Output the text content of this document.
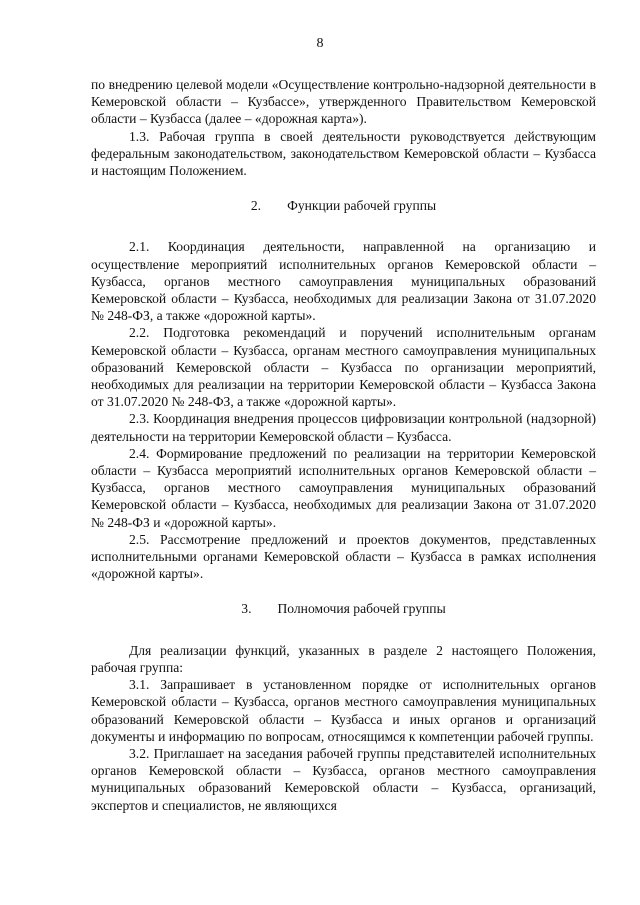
8

по внедрению целевой модели «Осуществление контрольно-надзорной деятельности в Кемеровской области – Кузбассе», утвержденного Правительством Кемеровской области – Кузбасса (далее – «дорожная карта»).

1.3. Рабочая группа в своей деятельности руководствуется действующим федеральным законодательством, законодательством Кемеровской области – Кузбасса и настоящим Положением.

2. Функции рабочей группы

2.1. Координация деятельности, направленной на организацию и осуществление мероприятий исполнительных органов Кемеровской области – Кузбасса, органов местного самоуправления муниципальных образований Кемеровской области – Кузбасса, необходимых для реализации Закона от 31.07.2020 № 248-ФЗ, а также «дорожной карты».

2.2. Подготовка рекомендаций и поручений исполнительным органам Кемеровской области – Кузбасса, органам местного самоуправления муниципальных образований Кемеровской области – Кузбасса по организации мероприятий, необходимых для реализации на территории Кемеровской области – Кузбасса Закона от 31.07.2020 № 248-ФЗ, а также «дорожной карты».

2.3. Координация внедрения процессов цифровизации контрольной (надзорной) деятельности на территории Кемеровской области – Кузбасса.

2.4. Формирование предложений по реализации на территории Кемеровской области – Кузбасса мероприятий исполнительных органов Кемеровской области – Кузбасса, органов местного самоуправления муниципальных образований Кемеровской области – Кузбасса, необходимых для реализации Закона от 31.07.2020 № 248-ФЗ и «дорожной карты».

2.5. Рассмотрение предложений и проектов документов, представленных исполнительными органами Кемеровской области – Кузбасса в рамках исполнения «дорожной карты».

3. Полномочия рабочей группы

Для реализации функций, указанных в разделе 2 настоящего Положения, рабочая группа:

3.1. Запрашивает в установленном порядке от исполнительных органов Кемеровской области – Кузбасса, органов местного самоуправления муниципальных образований Кемеровской области – Кузбасса и иных органов и организаций документы и информацию по вопросам, относящимся к компетенции рабочей группы.

3.2. Приглашает на заседания рабочей группы представителей исполнительных органов Кемеровской области – Кузбасса, органов местного самоуправления муниципальных образований Кемеровской области – Кузбасса, организаций, экспертов и специалистов, не являющихся
